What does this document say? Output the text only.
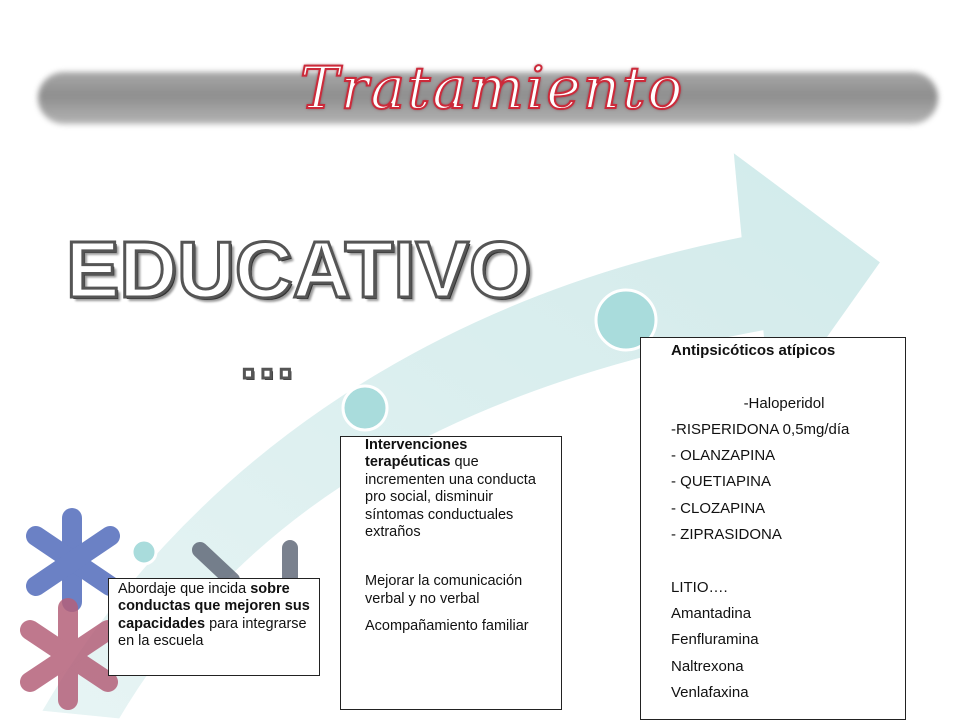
Tratamiento
EDUCATIVO
…
Abordaje que incida sobre conductas que mejoren sus capacidades para integrarse en la escuela

Intervenciones terapéuticas que incrementen una conducta pro social, disminuir síntomas conductuales extraños

Mejorar la comunicación verbal y no verbal

Acompañamiento familiar

Antipsicóticos atípicos
-Haloperidol
-RISPERIDONA 0,5mg/día
- OLANZAPINA
- QUETIAPINA
- CLOZAPINA
- ZIPRASIDONA
LITIO….
Amantadina
Fenfluramina
Naltrexona
Venlafaxina
